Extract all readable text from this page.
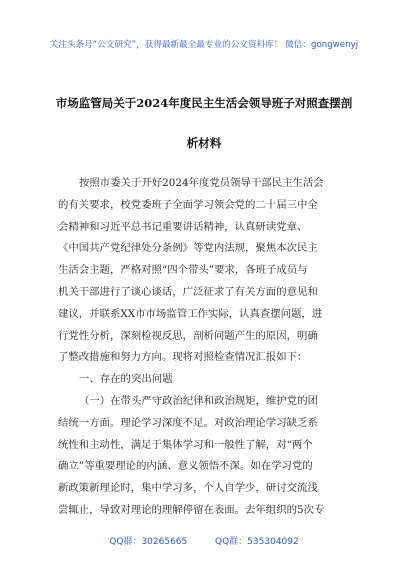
关注头条号“公文研究”，获得最新最全最专业的公文资料库！ 微信：gongwenyj
市场监管局关于2024年度民主生活会领导班子对照查摆剖
析材料
按照市委关于开好2024年度党员领导干部民主生活会
的有关要求，校党委班子全面学习领会党的二十届三中全
会精神和习近平总书记重要讲话精神，认真研读党章、
《中国共产党纪律处分条例》等党内法规，聚焦本次民主
生活会主题，严格对照“四个带头”要求，各班子成员与
机关干部进行了谈心谈话，广泛征求了有关方面的意见和
建议，并联系XX市市场监管工作实际，认真查摆问题，进
行党性分析，深刻检视反思，剖析问题产生的原因，明确
了整改措施和努力方向。现将对照检查情况汇报如下：
一、存在的突出问题
（一）在带头严守政治纪律和政治规矩，维护党的团
结统一方面。理论学习深度不足。对政治理论学习缺乏系
统性和主动性，满足于集体学习和一般性了解，对“两个
确立”等重要理论的内涵、意义领悟不深。如在学习党的
新政策新理论时，集中学习多，个人自学少，研讨交流浅
尝辄止，导致对理论的理解停留在表面。去年组织的5次专
QQ群：30265665	QQ群：535304092
